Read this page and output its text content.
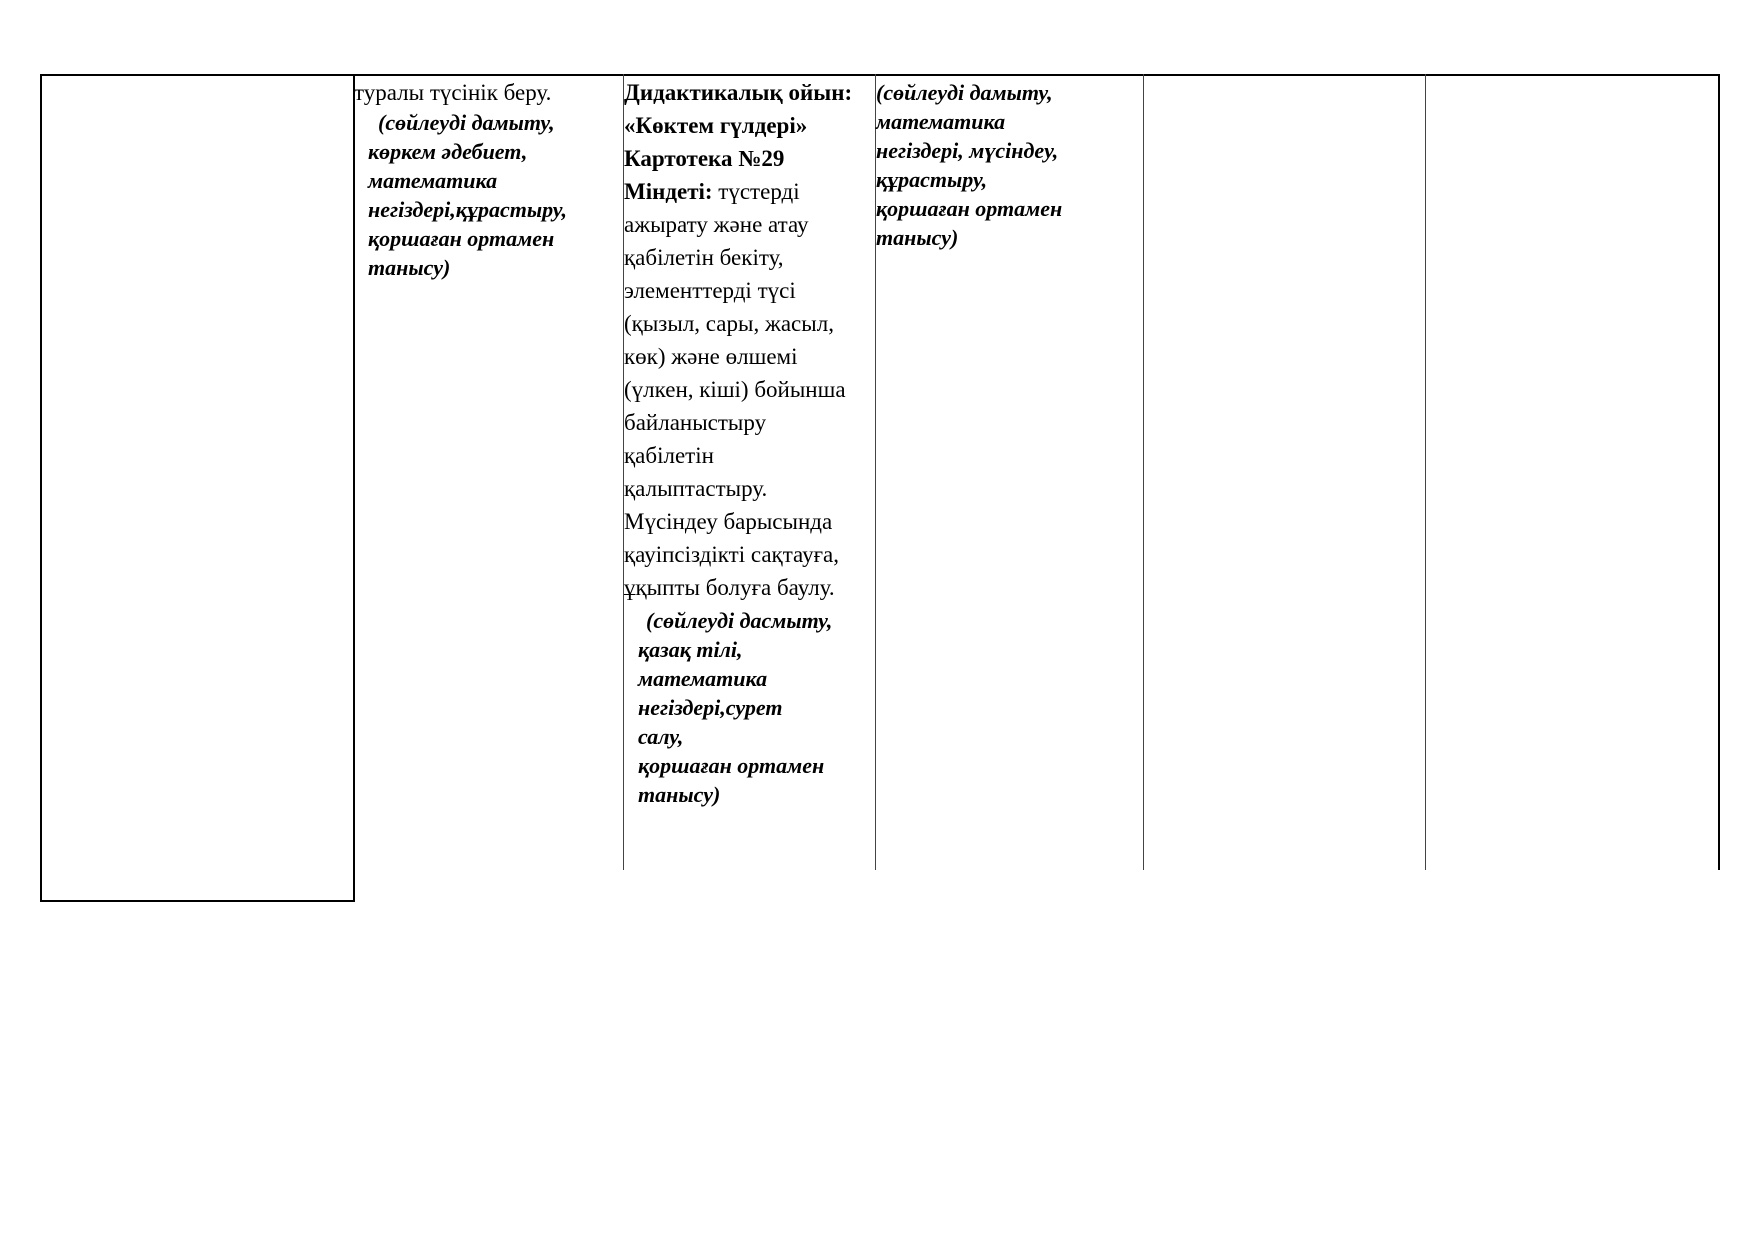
туралы түсінік беру.
(сөйлеуді дамыту,
көркем әдебиет,
математика
негіздері,құрастыру,
қоршаған ортамен
танысу)
Дидактикалық ойын:
«Көктем гүлдері»
Картотека №29
Міндеті: түстерді
ажырату және атау
қабілетін бекіту,
элементтерді түсі
(қызыл, сары, жасыл,
көк) және өлшемі
(үлкен, кіші) бойынша
байланыстыру
қабілетін
қалыптастыру.
Мүсіндеу барысында
қауіпсіздікті сақтауға,
ұқыпты болуға баулу.
(сөйлеуді дасмыту,
қазақ тілі,
математика
негіздері,сурет
салу,
қоршаған ортамен
танысу)
(сөйлеуді дамыту,
математика
негіздері, мүсіндеу,
құрастыру,
қоршаған ортамен
танысу)
